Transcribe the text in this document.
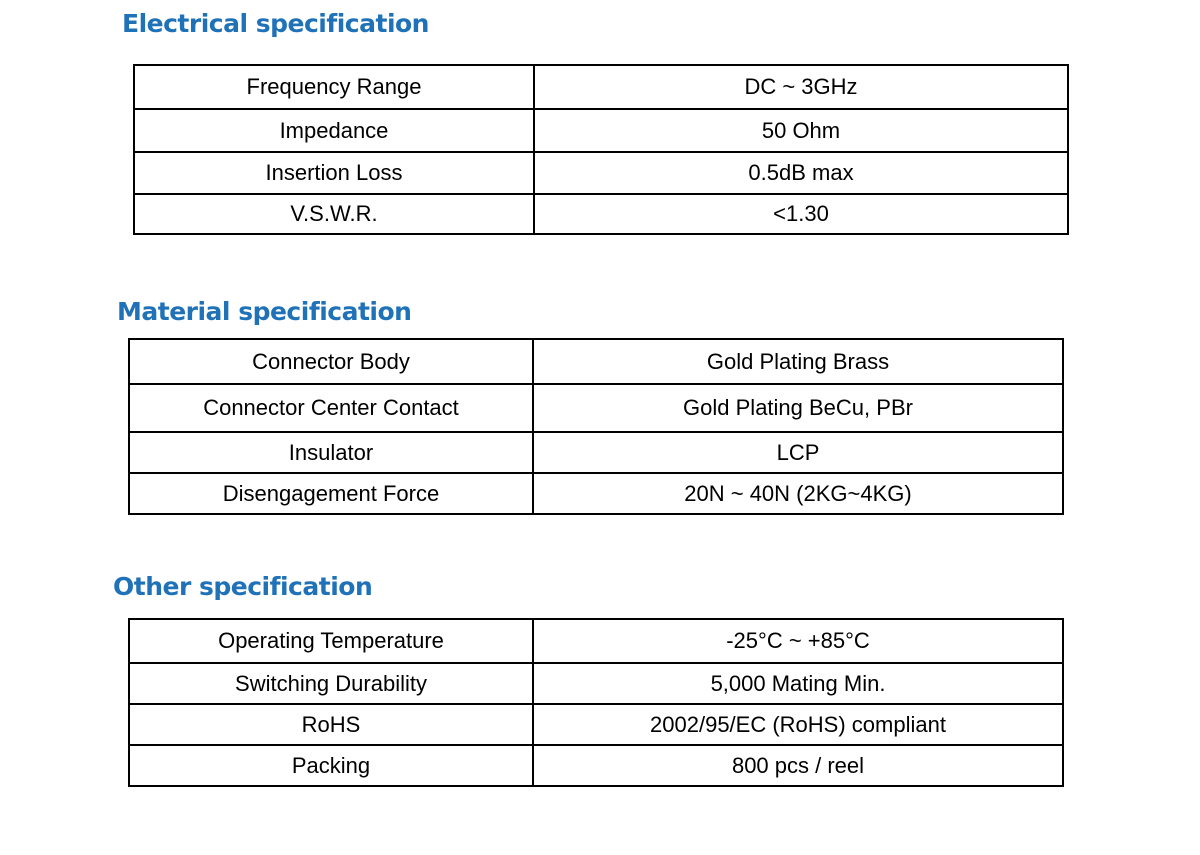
Electrical specification
Frequency Range	DC ~ 3GHz
Impedance	50 Ohm
Insertion Loss	0.5dB max
V.S.W.R.	<1.30
Material specification
Connector Body	Gold Plating Brass
Connector Center Contact	Gold Plating BeCu, PBr
Insulator	LCP
Disengagement Force	20N ~ 40N (2KG~4KG)
Other specification
Operating Temperature	-25°C ~ +85°C
Switching Durability	5,000 Mating Min.
RoHS	2002/95/EC (RoHS) compliant
Packing	800 pcs / reel
